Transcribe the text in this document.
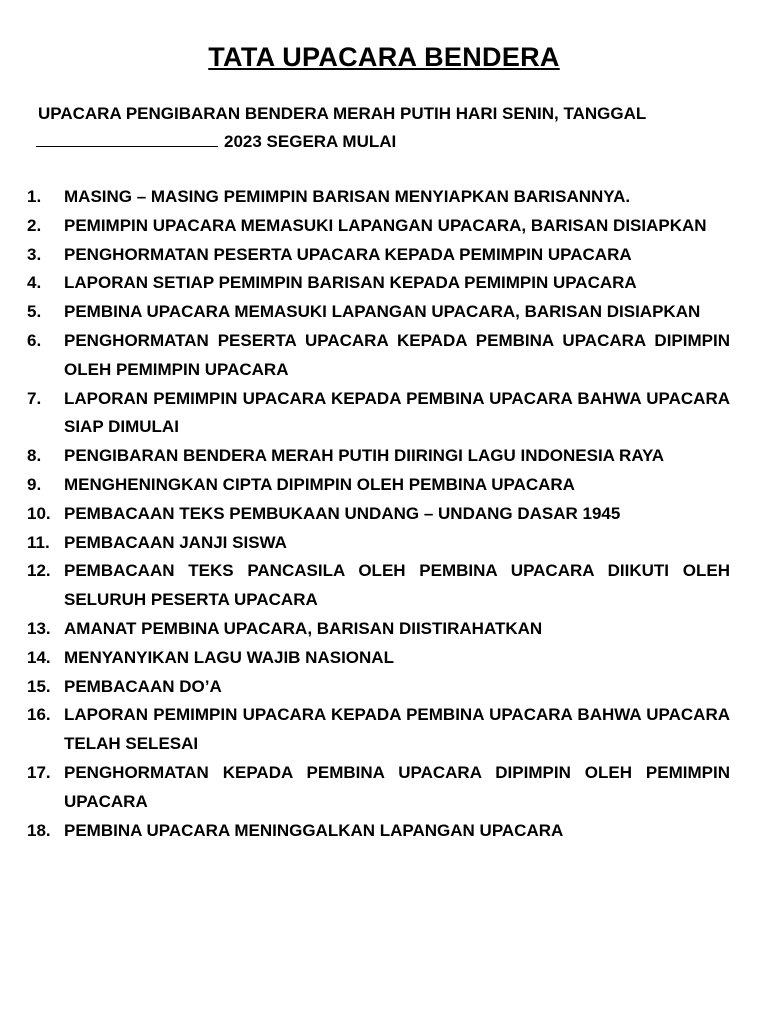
TATA UPACARA BENDERA
UPACARA PENGIBARAN BENDERA MERAH PUTIH HARI SENIN, TANGGAL
2023 SEGERA MULAI
1.	MASING – MASING PEMIMPIN BARISAN MENYIAPKAN BARISANNYA.
2.	PEMIMPIN UPACARA MEMASUKI LAPANGAN UPACARA, BARISAN DISIAPKAN
3.	PENGHORMATAN PESERTA UPACARA KEPADA PEMIMPIN UPACARA
4.	LAPORAN SETIAP PEMIMPIN BARISAN KEPADA PEMIMPIN UPACARA
5.	PEMBINA UPACARA MEMASUKI LAPANGAN UPACARA, BARISAN DISIAPKAN
6.	PENGHORMATAN PESERTA UPACARA KEPADA PEMBINA UPACARA DIPIMPIN OLEH PEMIMPIN UPACARA
7.	LAPORAN PEMIMPIN UPACARA KEPADA PEMBINA UPACARA BAHWA UPACARA SIAP DIMULAI
8.	PENGIBARAN BENDERA MERAH PUTIH DIIRINGI LAGU INDONESIA RAYA
9.	MENGHENINGKAN CIPTA DIPIMPIN OLEH PEMBINA UPACARA
10. PEMBACAAN TEKS PEMBUKAAN UNDANG – UNDANG DASAR 1945
11. PEMBACAAN JANJI SISWA
12. PEMBACAAN TEKS PANCASILA OLEH PEMBINA UPACARA DIIKUTI OLEH SELURUH PESERTA UPACARA
13. AMANAT PEMBINA UPACARA, BARISAN DIISTIRAHATKAN
14. MENYANYIKAN LAGU WAJIB NASIONAL
15. PEMBACAAN DO’A
16. LAPORAN PEMIMPIN UPACARA KEPADA PEMBINA UPACARA BAHWA UPACARA TELAH SELESAI
17. PENGHORMATAN KEPADA PEMBINA UPACARA DIPIMPIN OLEH PEMIMPIN UPACARA
18. PEMBINA UPACARA MENINGGALKAN LAPANGAN UPACARA
